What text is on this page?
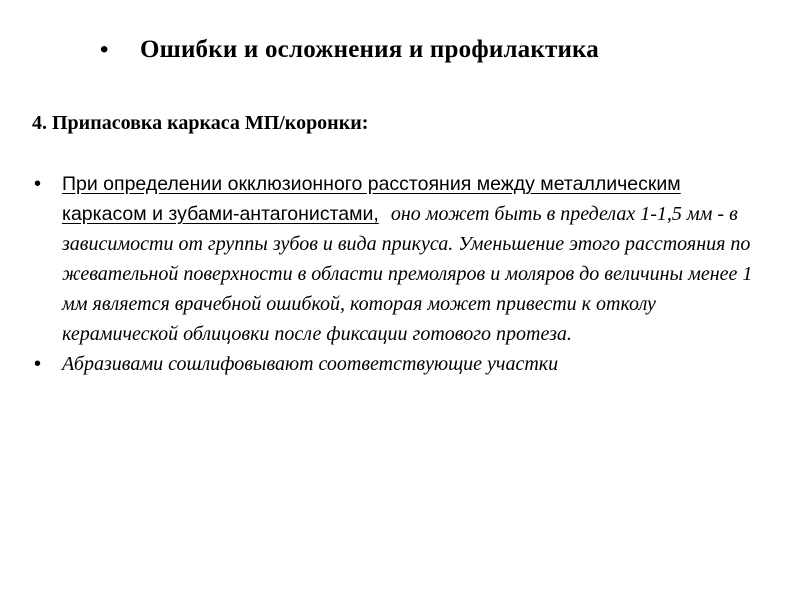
•	Ошибки и осложнения и профилактика
4. Припасовка каркаса МП/коронки:
• При определении окклюзионного расстояния между металлическим каркасом и зубами-антагонистами, оно может быть в пределах 1-1,5 мм - в зависимости от группы зубов и вида прикуса. Уменьшение этого расстояния по жевательной поверхности в области премоляров и моляров до величины менее 1 мм является врачебной ошибкой, которая может привести к отколу керамической облицовки после фиксации готового протеза.
• Абразивами сошлифовывают соответствующие участки
